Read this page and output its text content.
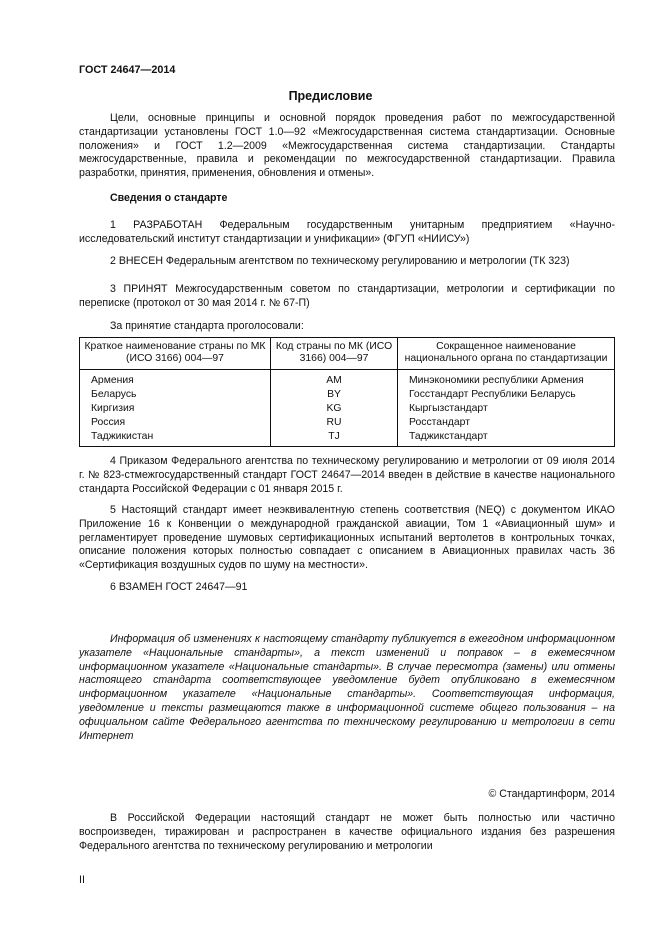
ГОСТ 24647—2014
Предисловие
Цели, основные принципы и основной порядок проведения работ по межгосударственной стандартизации установлены ГОСТ 1.0—92 «Межгосударственная система стандартизации. Основные положения» и ГОСТ 1.2—2009 «Межгосударственная система стандартизации. Стандарты межгосударственные, правила и рекомендации по межгосударственной стандартизации. Правила разработки, принятия, применения, обновления и отмены».
Сведения о стандарте
1 РАЗРАБОТАН Федеральным государственным унитарным предприятием «Научно-исследовательский институт стандартизации и унификации» (ФГУП «НИИСУ»)
2 ВНЕСЕН Федеральным агентством по техническому регулированию и метрологии (ТК 323)
3 ПРИНЯТ Межгосударственным советом по стандартизации, метрологии и сертификации по переписке (протокол от 30 мая 2014 г. № 67-П)
За принятие стандарта проголосовали:
Краткое наименование страны по МК (ИСО 3166) 004—97	Код страны по МК (ИСО 3166) 004—97	Сокращенное наименование национального органа по стандартизации
Армения	AM	Минэкономики республики Армения
Беларусь	BY	Госстандарт Республики Беларусь
Киргизия	KG	Кыргызстандарт
Россия	RU	Росстандарт
Таджикистан	TJ	Таджикстандарт
4 Приказом Федерального агентства по техническому регулированию и метрологии от 09 июля 2014 г. № 823-стмежгосударственный стандарт ГОСТ 24647—2014 введен в действие в качестве национального стандарта Российской Федерации с 01 января 2015 г.
5 Настоящий стандарт имеет неэквивалентную степень соответствия (NEQ) с документом ИКАО Приложение 16 к Конвенции о международной гражданской авиации, Том 1 «Авиационный шум» и регламентирует проведение шумовых сертификационных испытаний вертолетов в контрольных точках, описание положения которых полностью совпадает с описанием в Авиационных правилах часть 36 «Сертификация воздушных судов по шуму на местности».
6 ВЗАМЕН ГОСТ 24647—91
Информация об изменениях к настоящему стандарту публикуется в ежегодном информационном указателе «Национальные стандарты», а текст изменений и поправок – в ежемесячном информационном указателе «Национальные стандарты». В случае пересмотра (замены) или отмены настоящего стандарта соответствующее уведомление будет опубликовано в ежемесячном информационном указателе «Национальные стандарты». Соответствующая информация, уведомление и тексты размещаются также в информационной системе общего пользования – на официальном сайте Федерального агентства по техническому регулированию и метрологии в сети Интернет
© Стандартинформ, 2014
В Российской Федерации настоящий стандарт не может быть полностью или частично воспроизведен, тиражирован и распространен в качестве официального издания без разрешения Федерального агентства по техническому регулированию и метрологии
II
